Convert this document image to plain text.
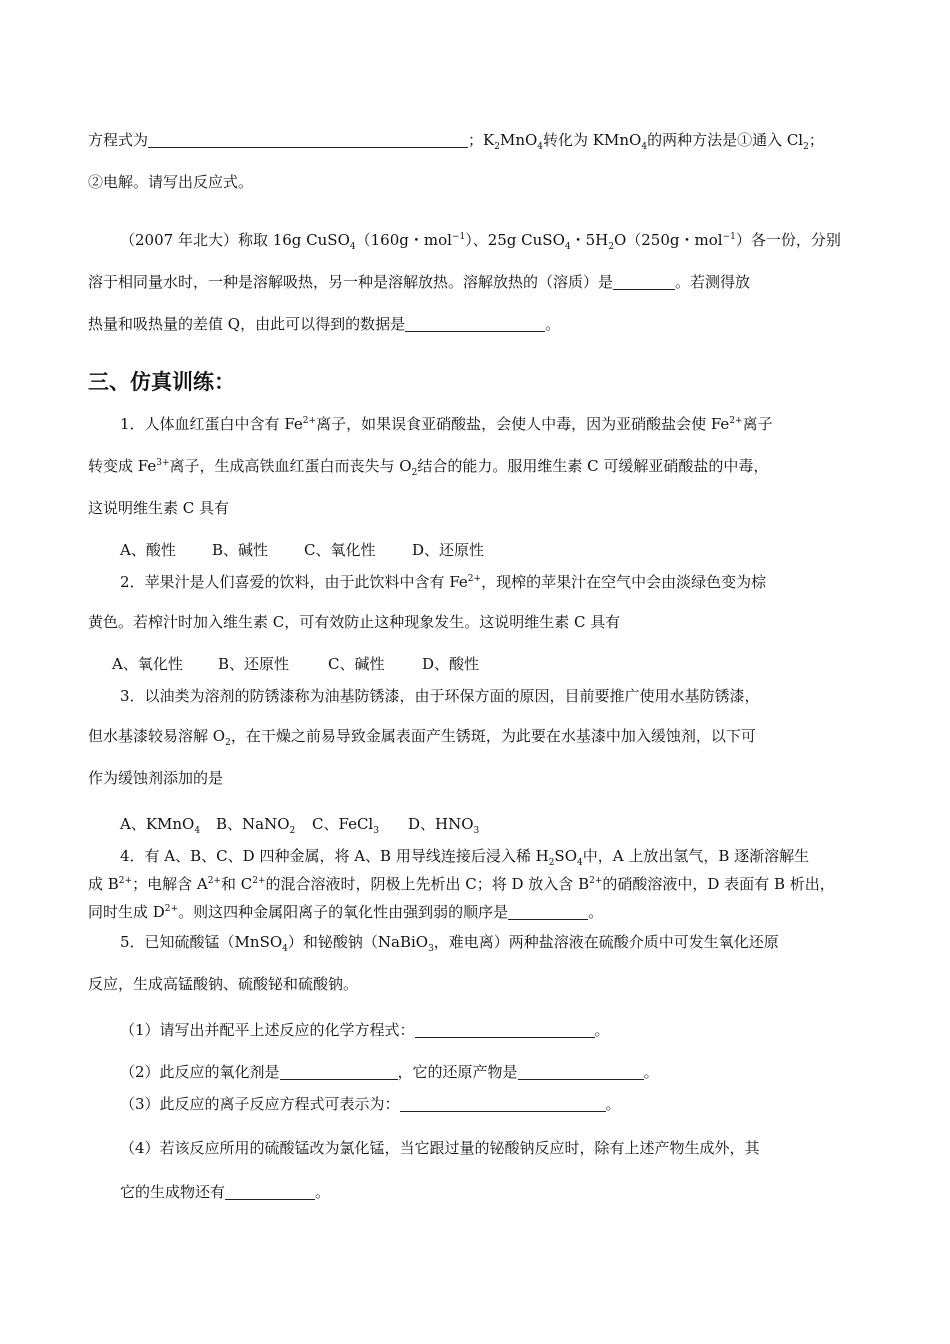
方程式为	；$K_2MnO_4$转化为 KMnO$_4$的两种方法是①通入 $Cl_2$；
②电解。请写出反应式。
（2007 年北大）称取 16g CuSO$_4$（160g・mol$^{-1}$）、25g CuSO$_4$・$5H_2O(250g$・mol$^{-1}$）各一份，分别
溶于相同量水时，一种是溶解吸热，另一种是溶解放热。溶解放热的（溶质）是	。若测得放
热量和吸热量的差值 Q，由此可以得到的数据是	。
三、仿真训练：
1．人体血红蛋白中含有 $Fe^{2+}$离子，如果误食亚硝酸盐，会使人中毒，因为亚硝酸盐会使 $Fe^{2+}$离子
转变成 $Fe^{3+}$离子，生成高铁血红蛋白而丧失与 $O_2$结合的能力。服用维生素 C 可缓解亚硝酸盐的中毒，
这说明维生素 C 具有
A、酸性 B、碱性 C、氧化性 D、还原性
2．苹果汁是人们喜爱的饮料，由于此饮料中含有 $Fe^{2+}$，现榨的苹果汁在空气中会由淡绿色变为棕
黄色。若榨汁时加入维生素 C，可有效防止这种现象发生。这说明维生素 C 具有
A、氧化性 B、还原性	C、碱性	D、酸性
3．以油类为溶剂的防锈漆称为油基防锈漆，由于环保方面的原因，目前要推广使用水基防锈漆，
但水基漆较易溶解 $O_2$，在干燥之前易导致金属表面产生锈斑，为此要在水基漆中加入缓蚀剂，以下可
作为缓蚀剂添加的是
A、KMnO$_4$ B、NaNO$_2$ C、FeCl$_3$ D、$HNO_3$
4．有 A、B、C、D 四种金属，将 A、B 用导线连接后浸入稀 $H_2SO_4$中，A 上放出氢气，B 逐渐溶解生
成 $B^{2+}$；电解含 $A^{2+}$和 $C^{2+}$的混合溶液时，阴极上先析出 C；将 D 放入含 $B^{2+}$的硝酸溶液中，D 表面有 B 析出，
同时生成 $D^{2+}$。则这四种金属阳离子的氧化性由强到弱的顺序是	。
5．已知硫酸锰（MnSO$_4$）和铋酸钠（NaBiO$_3$，难电离）两种盐溶液在硫酸介质中可发生氧化还原
反应，生成高锰酸钠、硫酸铋和硫酸钠。
（1）请写出并配平上述反应的化学方程式：	。
（2）此反应的氧化剂是	，它的还原产物是	。
（3）此反应的离子反应方程式可表示为：	。
（4）若该反应所用的硫酸锰改为氯化锰，当它跟过量的铋酸钠反应时，除有上述产物生成外，其
它的生成物还有	。
